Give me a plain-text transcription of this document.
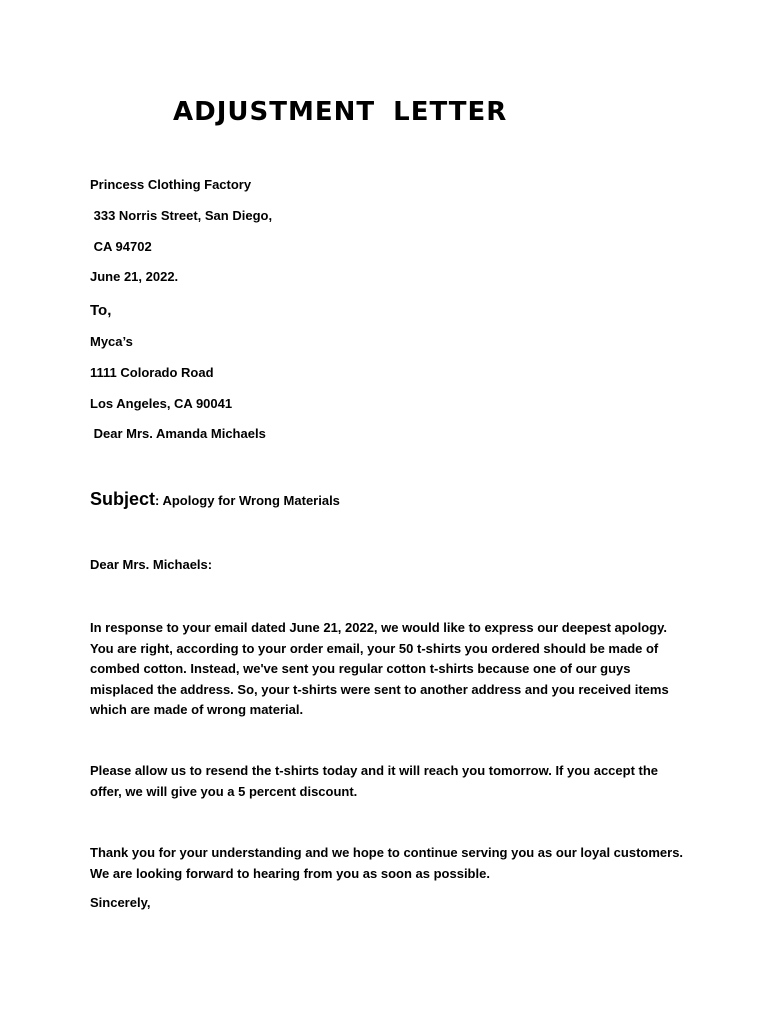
ADJUSTMENT LETTER

Princess Clothing Factory

333 Norris Street, San Diego,

CA 94702

June 21, 2022.

To,

Myca’s

1111 Colorado Road

Los Angeles, CA 90041

Dear Mrs. Amanda Michaels

Subject: Apology for Wrong Materials

Dear Mrs. Michaels:

In response to your email dated June 21, 2022, we would like to express our deepest apology. You are right, according to your order email, your 50 t-shirts you ordered should be made of combed cotton. Instead, we've sent you regular cotton t-shirts because one of our guys misplaced the address. So, your t-shirts were sent to another address and you received items which are made of wrong material.

Please allow us to resend the t-shirts today and it will reach you tomorrow. If you accept the offer, we will give you a 5 percent discount.

Thank you for your understanding and we hope to continue serving you as our loyal customers. We are looking forward to hearing from you as soon as possible.

Sincerely,
